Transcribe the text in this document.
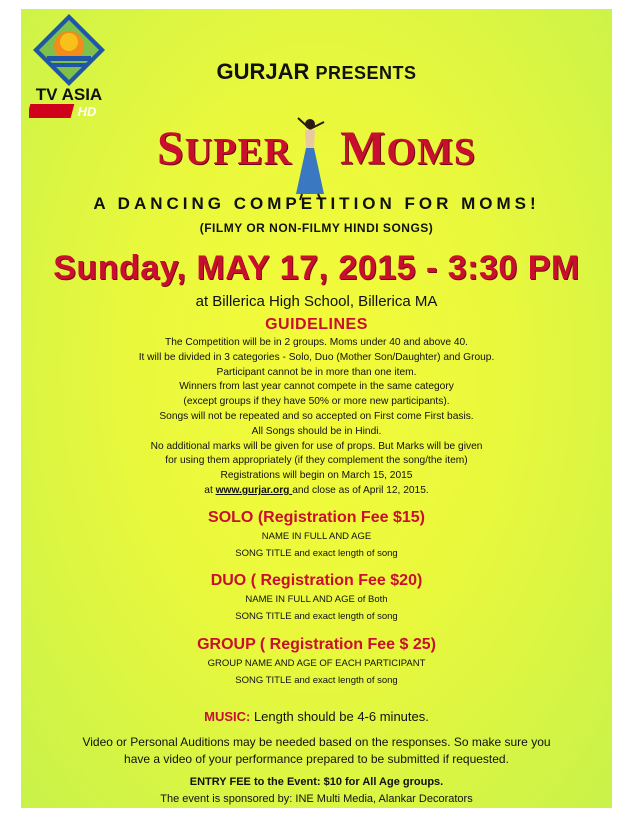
TV ASIA
HD
GURJAR PRESENTS
SUPER MOMS
A DANCING COMPETITION FOR MOMS!
(FILMY OR NON-FILMY HINDI SONGS)
Sunday, MAY 17, 2015 - 3:30 PM
at Billerica High School, Billerica MA
GUIDELINES
The Competition will be in 2 groups. Moms under 40 and above 40.
It will be divided in 3 categories - Solo, Duo (Mother Son/Daughter) and Group.
Participant cannot be in more than one item.
Winners from last year cannot compete in the same category
(except groups if they have 50% or more new participants).
Songs will not be repeated and so accepted on First come First basis.
All Songs should be in Hindi.
No additional marks will be given for use of props. But Marks will be given
for using them appropriately (if they complement the song/the item)
Registrations will begin on March 15, 2015
at www.gurjar.org and close as of April 12, 2015.
SOLO (Registration Fee $15)
NAME IN FULL AND AGE
SONG TITLE and exact length of song
DUO ( Registration Fee $20)
NAME IN FULL AND AGE of Both
SONG TITLE and exact length of song
GROUP ( Registration Fee $ 25)
GROUP NAME AND AGE OF EACH PARTICIPANT
SONG TITLE and exact length of song
MUSIC: Length should be 4-6 minutes.
Video or Personal Auditions may be needed based on the responses. So make sure you
have a video of your performance prepared to be submitted if requested.
ENTRY FEE to the Event: $10 for All Age groups.
The event is sponsored by: INE Multi Media, Alankar Decorators
